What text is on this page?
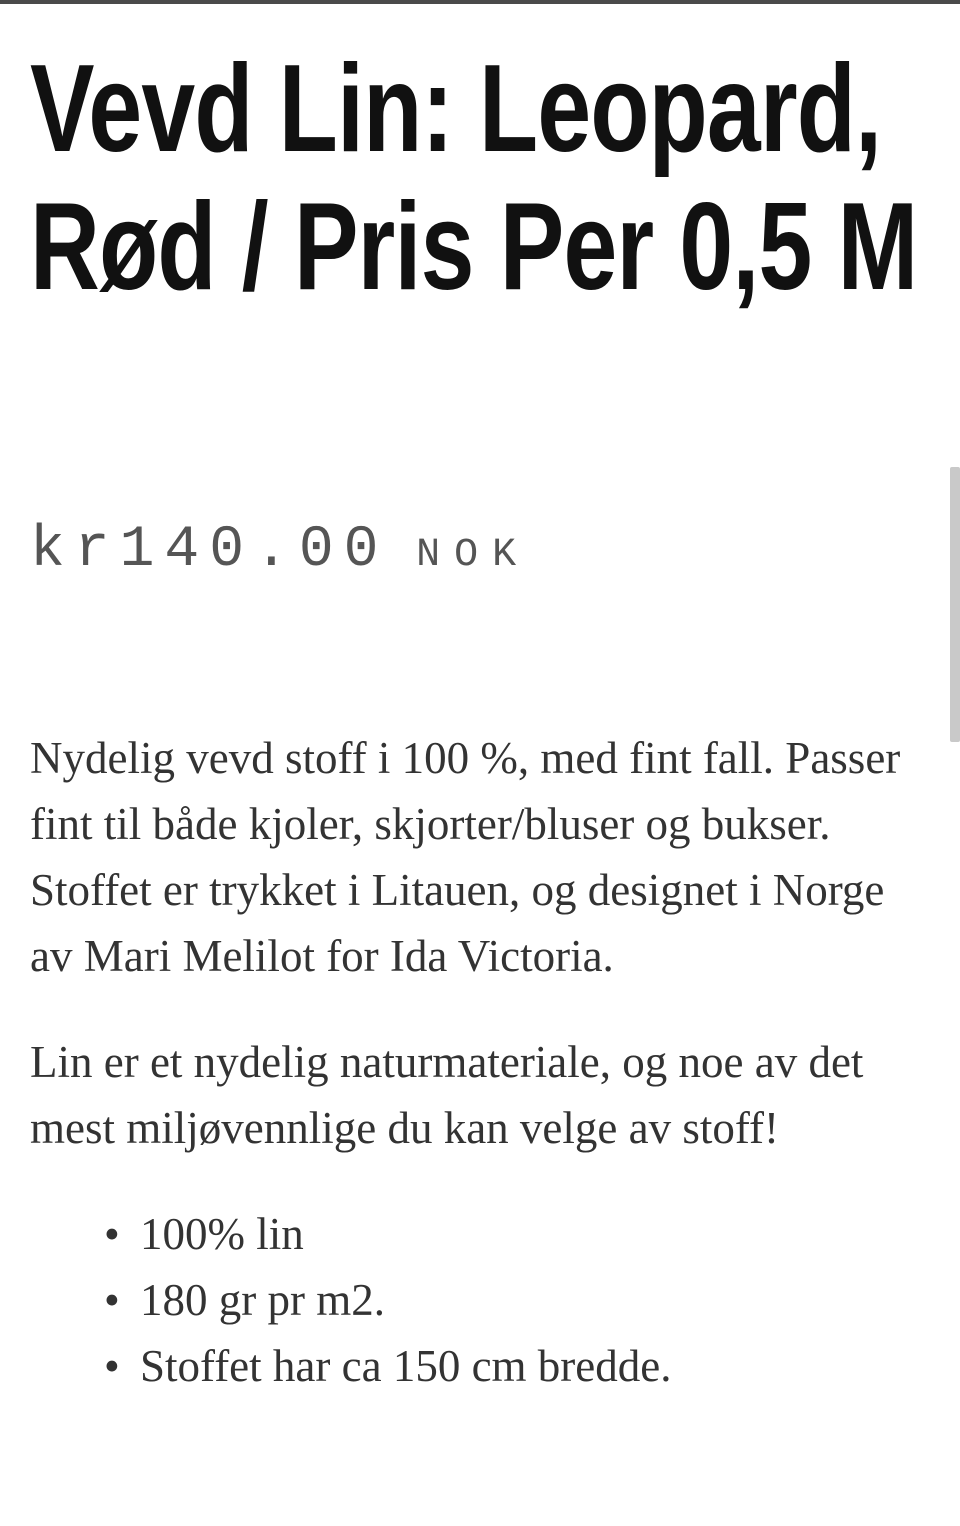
Vevd Lin: Leopard, Rød / Pris Per 0,5 M
kr140.00 NOK

Nydelig vevd stoff i 100 %, med fint fall. Passer fint til både kjoler, skjorter/bluser og bukser. Stoffet er trykket i Litauen, og designet i Norge av Mari Melilot for Ida Victoria.

Lin er et nydelig naturmateriale, og noe av det mest miljøvennlige du kan velge av stoff!

• 100% lin
• 180 gr pr m2.
• Stoffet har ca 150 cm bredde.
